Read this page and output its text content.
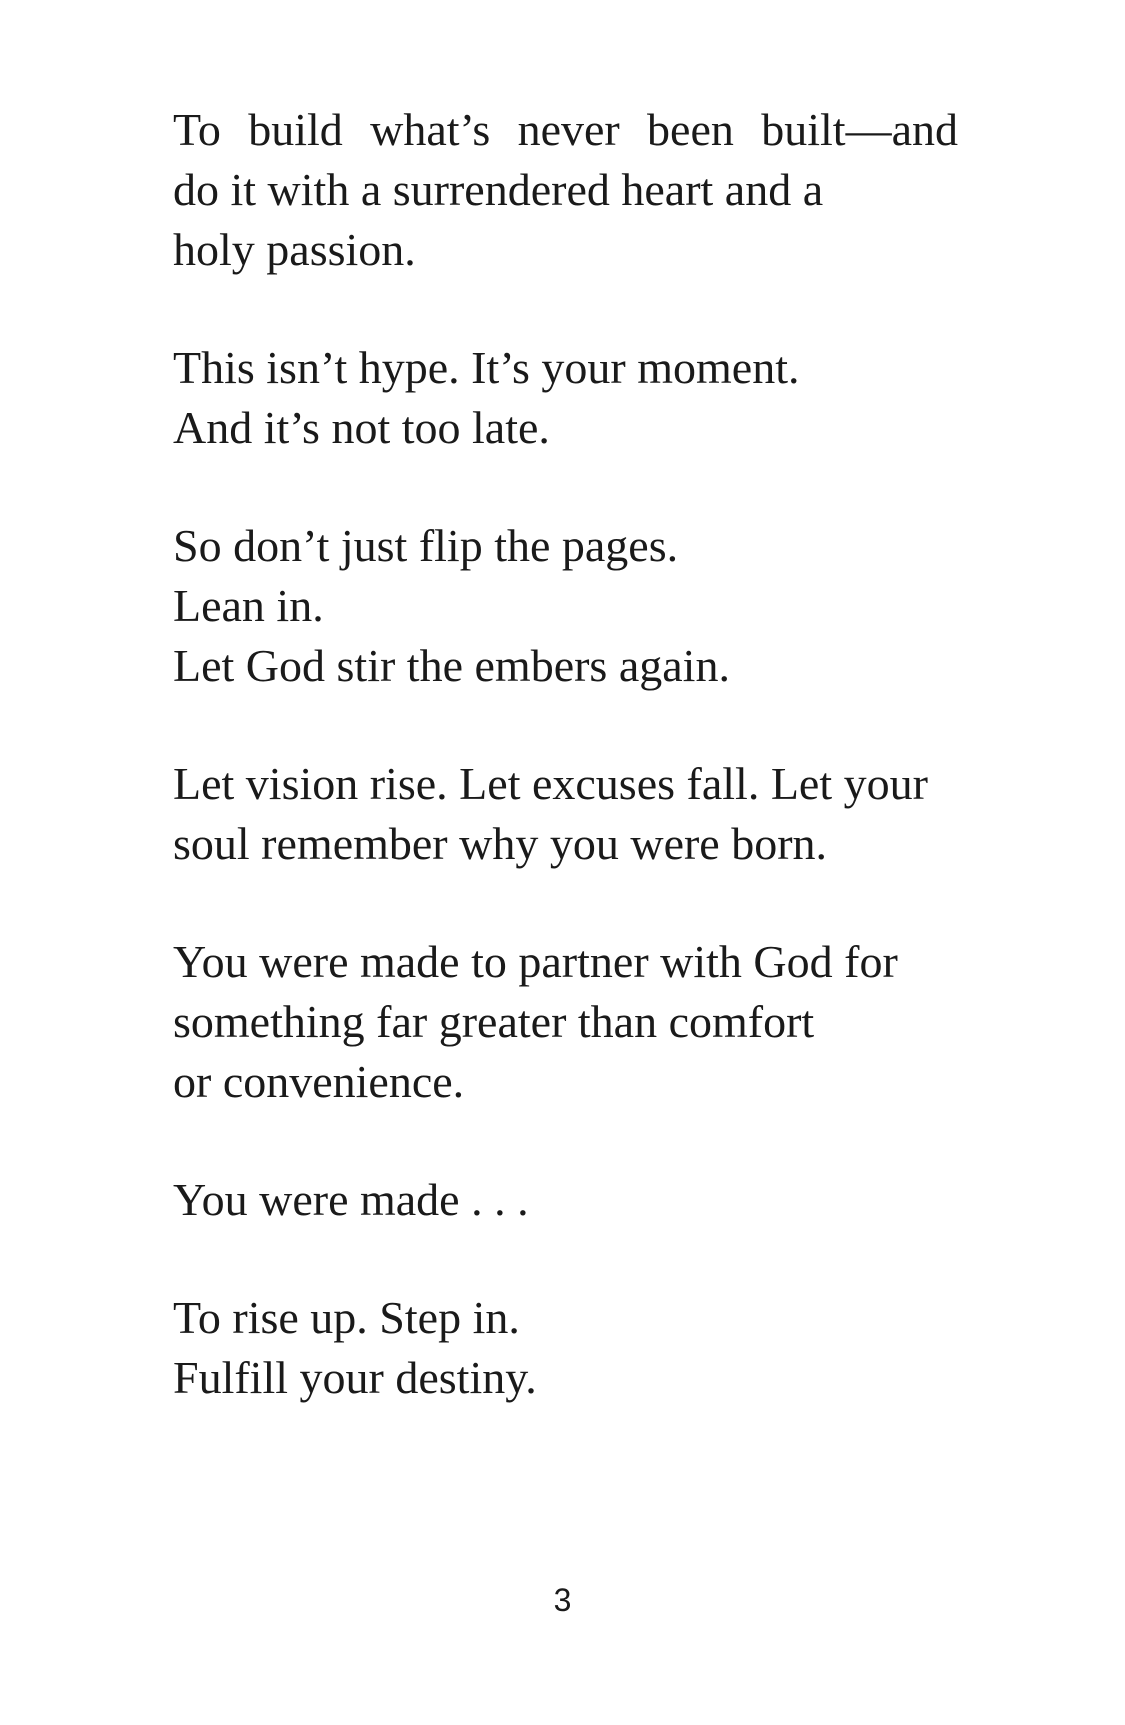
To build what’s never been built—and
do it with a surrendered heart and a
holy passion.

This isn’t hype. It’s your moment.
And it’s not too late.

So don’t just flip the pages.
Lean in.
Let God stir the embers again.

Let vision rise. Let excuses fall. Let your
soul remember why you were born.

You were made to partner with God for
something far greater than comfort
or convenience.

You were made . . .

To rise up. Step in.
Fulfill your destiny.

3
